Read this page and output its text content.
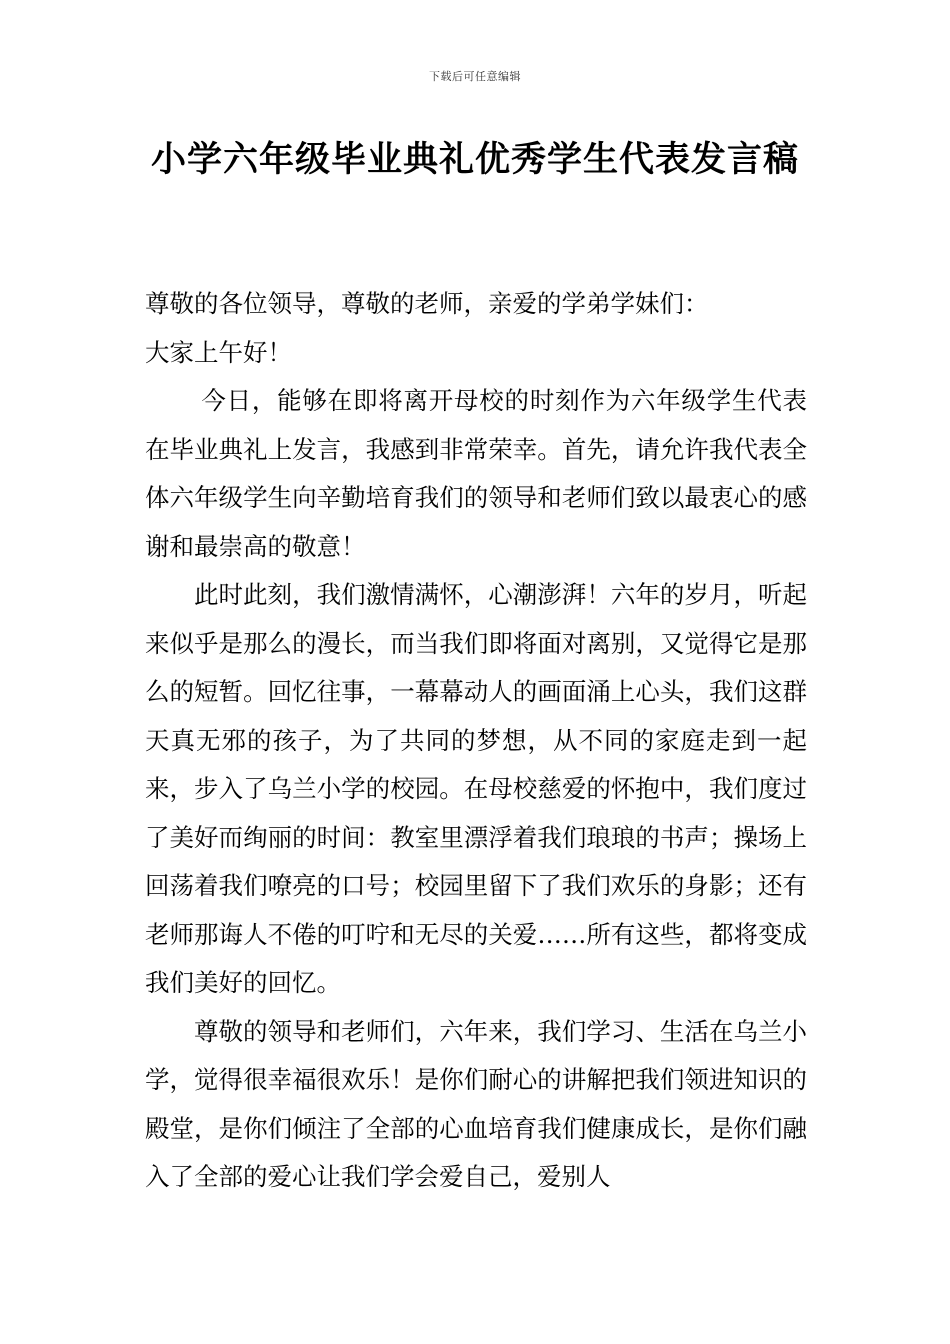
下载后可任意编辑
小学六年级毕业典礼优秀学生代表发言稿

尊敬的各位领导，尊敬的老师，亲爱的学弟学妹们：

大家上午好！

今日，能够在即将离开母校的时刻作为六年级学生代表在毕业典礼上发言，我感到非常荣幸。首先，请允许我代表全体六年级学生向辛勤培育我们的领导和老师们致以最衷心的感谢和最崇高的敬意！

此时此刻，我们激情满怀，心潮澎湃！六年的岁月，听起来似乎是那么的漫长，而当我们即将面对离别，又觉得它是那么的短暂。回忆往事，一幕幕动人的画面涌上心头，我们这群天真无邪的孩子，为了共同的梦想，从不同的家庭走到一起来，步入了乌兰小学的校园。在母校慈爱的怀抱中，我们度过了美好而绚丽的时间：教室里漂浮着我们琅琅的书声；操场上回荡着我们嘹亮的口号；校园里留下了我们欢乐的身影；还有老师那诲人不倦的叮咛和无尽的关爱……所有这些，都将变成我们美好的回忆。

尊敬的领导和老师们，六年来，我们学习、生活在乌兰小学，觉得很幸福很欢乐！是你们耐心的讲解把我们领进知识的殿堂，是你们倾注了全部的心血培育我们健康成长，是你们融入了全部的爱心让我们学会爱自己，爱别人
